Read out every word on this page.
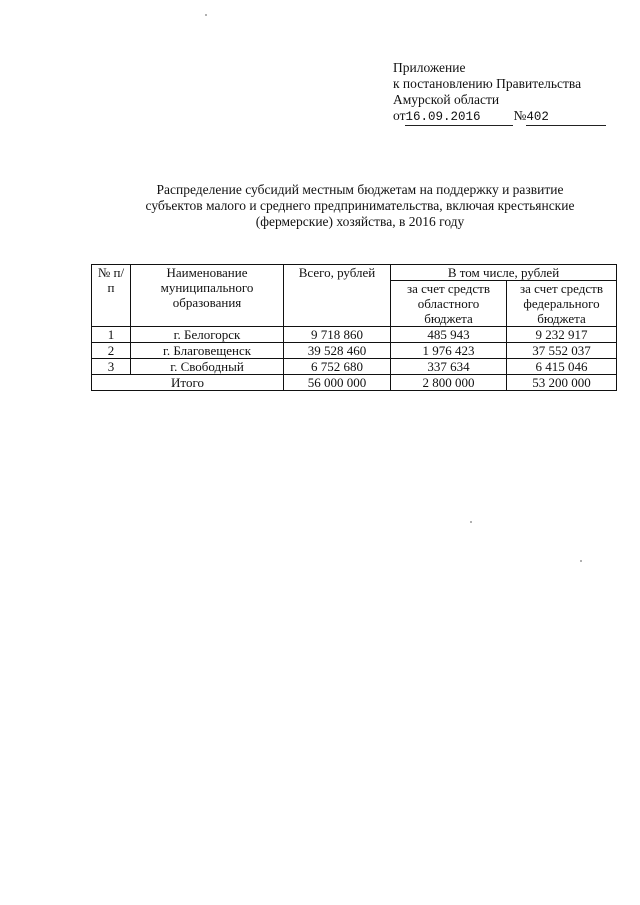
Приложение
к постановлению Правительства
Амурской области
от16.09.2016 №402
Распределение субсидий местным бюджетам на поддержку и развитие
субъектов малого и среднего предпринимательства, включая крестьянские
(фермерские) хозяйства, в 2016 году
№ п/п	Наименование муниципального образования	Всего, рублей	В том числе, рублей	
			за счет средств областного бюджета	за счет средств федерального бюджета
1	г. Белогорск	9 718 860	485 943	9 232 917
2	г. Благовещенск	39 528 460	1 976 423	37 552 037
3	г. Свободный	6 752 680	337 634	6 415 046
Итого		56 000 000	2 800 000	53 200 000
